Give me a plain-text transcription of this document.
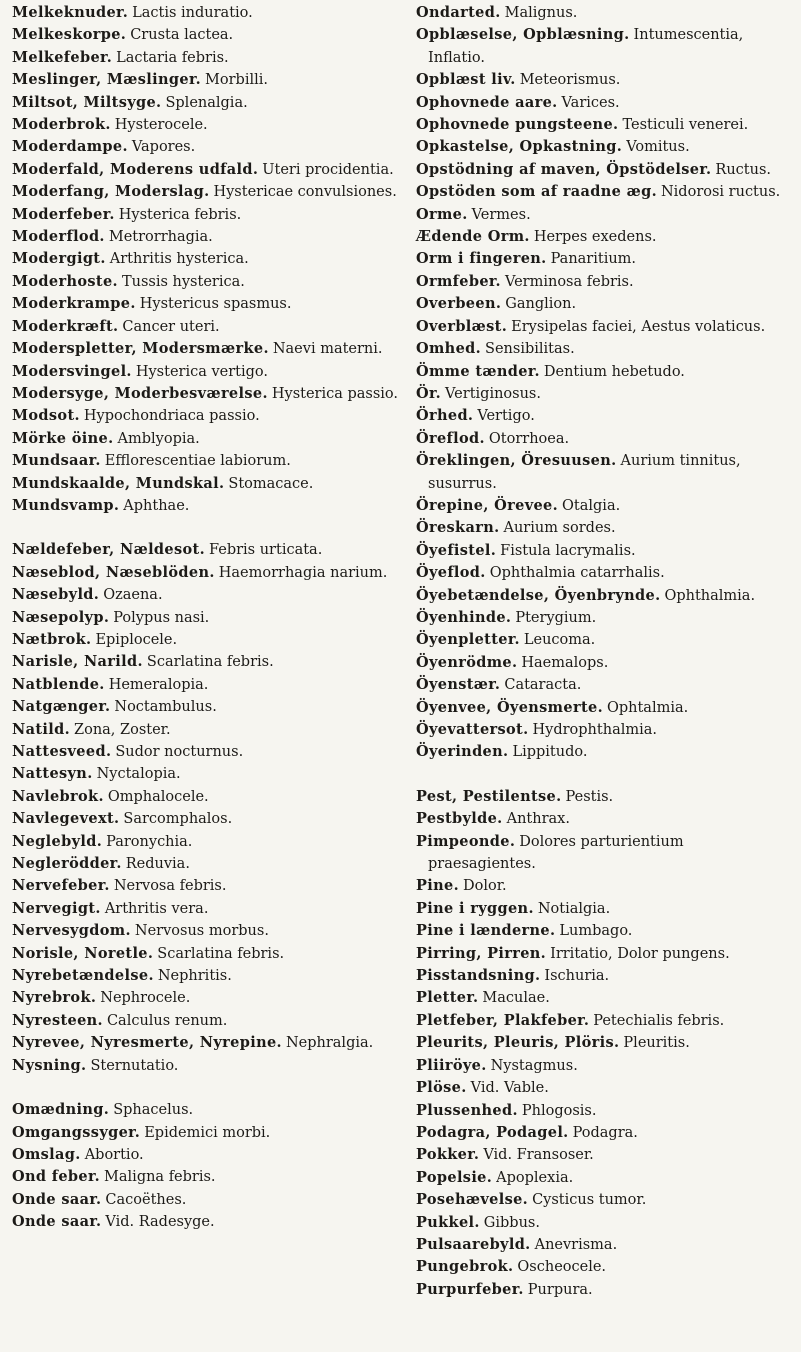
Melkeknuder. Lactis induratio.
Melkeskorpe. Crusta lactea.
Melkefeber. Lactaria febris.
Meslinger, Mæslinger. Morbilli.
Miltsot, Miltsyge. Splenalgia.
Moderbrok. Hysterocele.
Moderdampe. Vapores.
Moderfald, Moderens udfald. Uteri procidentia.
Moderfang, Moderslag. Hystericae convulsiones.
Moderfeber. Hysterica febris.
Moderflod. Metrorrhagia.
Modergigt. Arthritis hysterica.
Moderhoste. Tussis hysterica.
Moderkrampe. Hystericus spasmus.
Moderkræft. Cancer uteri.
Moderspletter, Modersmærke. Naevi materni.
Modersvingel. Hysterica vertigo.
Modersyge, Moderbesværelse. Hysterica passio.
Modsot. Hypochondriaca passio.
Mörke öine. Amblyopia.
Mundsaar. Efflorescentiae labiorum.
Mundskaalde, Mundskal. Stomacace.
Mundsvamp. Aphthae.
Nældefeber, Nældesot. Febris urticata.
Næseblod, Næseblöden. Haemorrhagia narium.
Næsebyld. Ozaena.
Næsepolyp. Polypus nasi.
Nætbrok. Epiplocele.
Narisle, Narild. Scarlatina febris.
Natblende. Hemeralopia.
Natgænger. Noctambulus.
Natild. Zona, Zoster.
Nattesveed. Sudor nocturnus.
Nattesyn. Nyctalopia.
Navlebrok. Omphalocele.
Navlegevext. Sarcomphalos.
Neglebyld. Paronychia.
Neglerödder. Reduvia.
Nervefeber. Nervosa febris.
Nervegigt. Arthritis vera.
Nervesygdom. Nervosus morbus.
Norisle, Noretle. Scarlatina febris.
Nyrebetændelse. Nephritis.
Nyrebrok. Nephrocele.
Nyresteen. Calculus renum.
Nyrevee, Nyresmerte, Nyrepine. Nephralgia.
Nysning. Sternutatio.
Omædning. Sphacelus.
Omgangssyger. Epidemici morbi.
Omslag. Abortio.
Ond feber. Maligna febris.
Onde saar. Cacoëthes.
Onde saar. Vid. Radesyge.
Ondarted. Malignus.
Opblæselse, Opblæsning. Intumescentia, Inflatio.
Opblæst liv. Meteorismus.
Ophovnede aare. Varices.
Ophovnede pungsteene. Testiculi venerei.
Opkastelse, Opkastning. Vomitus.
Opstödning af maven, Öpstödelser. Ructus.
Opstöden som af raadne æg. Nidorosi ructus.
Orme. Vermes.
Ædende Orm. Herpes exedens.
Orm i fingeren. Panaritium.
Ormfeber. Verminosa febris.
Overbeen. Ganglion.
Overblæst. Erysipelas faciei, Aestus volaticus.
Omhed. Sensibilitas.
Ömme tænder. Dentium hebetudo.
Ör. Vertiginosus.
Örhed. Vertigo.
Öreflod. Otorrhoea.
Öreklingen, Öresuusen. Aurium tinnitus, susurrus.
Örepine, Örevee. Otalgia.
Öreskarn. Aurium sordes.
Öyefistel. Fistula lacrymalis.
Öyeflod. Ophthalmia catarrhalis.
Öyebetændelse, Öyenbrynde. Ophthalmia.
Öyenhinde. Pterygium.
Öyenpletter. Leucoma.
Öyenrödme. Haemalops.
Öyenstær. Cataracta.
Öyenvee, Öyensmerte. Ophtalmia.
Öyevattersot. Hydrophthalmia.
Öyerinden. Lippitudo.
Pest, Pestilentse. Pestis.
Pestbylde. Anthrax.
Pimpeonde. Dolores parturientium praesagientes.
Pine. Dolor.
Pine i ryggen. Notialgia.
Pine i lænderne. Lumbago.
Pirring, Pirren. Irritatio, Dolor pungens.
Pisstandsning. Ischuria.
Pletter. Maculae.
Pletfeber, Plakfeber. Petechialis febris.
Pleurits, Pleuris, Plöris. Pleuritis.
Pliiröye. Nystagmus.
Plöse. Vid. Vable.
Plussenhed. Phlogosis.
Podagra, Podagel. Podagra.
Pokker. Vid. Fransoser.
Popelsie. Apoplexia.
Posehævelse. Cysticus tumor.
Pukkel. Gibbus.
Pulsaarebyld. Anevrisma.
Pungebrok. Oscheocele.
Purpurfeber. Purpura.
